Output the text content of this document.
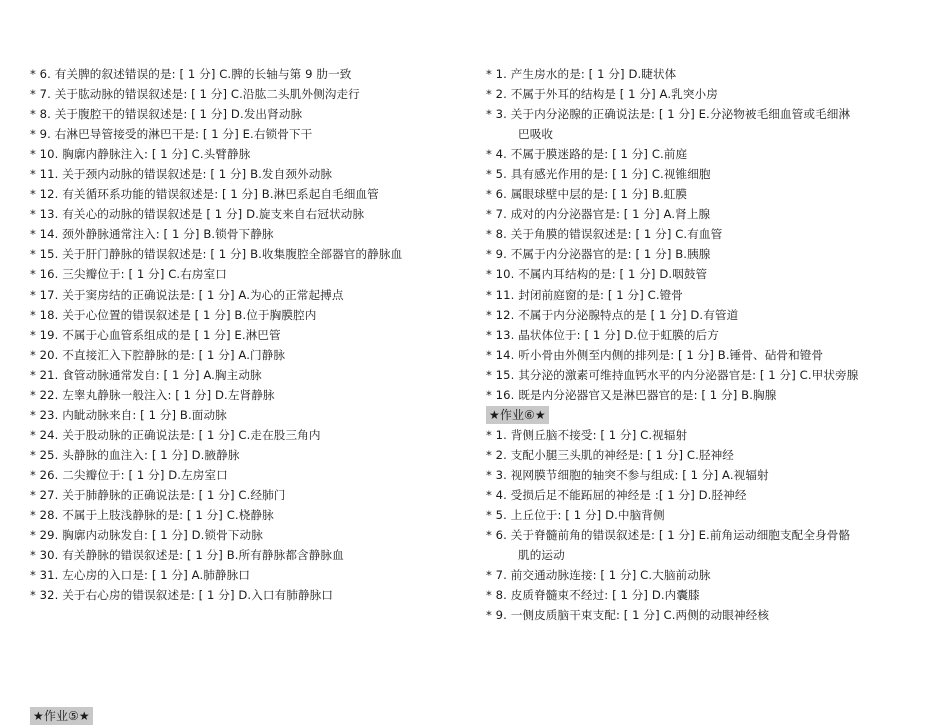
* 6. 有关脾的叙述错误的是: [ 1 分] C.脾的长轴与第 9 肋一致
* 7. 关于肱动脉的错误叙述是: [ 1 分] C.沿肱二头肌外侧沟走行
* 8. 关于腹腔干的错误叙述是: [ 1 分] D.发出肾动脉
* 9. 右淋巴导管接受的淋巴干是: [ 1 分] E.右锁骨下干
* 10. 胸廓内静脉注入: [ 1 分] C.头臂静脉
* 11. 关于颈内动脉的错误叙述是: [ 1 分] B.发自颈外动脉
* 12. 有关循环系功能的错误叙述是: [ 1 分] B.淋巴系起自毛细血管
* 13. 有关心的动脉的错误叙述是 [ 1 分] D.旋支来自右冠状动脉
* 14. 颈外静脉通常注入: [ 1 分] B.锁骨下静脉
* 15. 关于肝门静脉的错误叙述是: [ 1 分] B.收集腹腔全部器官的静脉血
* 16. 三尖瓣位于: [ 1 分] C.右房室口
* 17. 关于窦房结的正确说法是: [ 1 分] A.为心的正常起搏点
* 18. 关于心位置的错误叙述是 [ 1 分] B.位于胸膜腔内
* 19. 不属于心血管系组成的是 [ 1 分] E.淋巴管
* 20. 不直接汇入下腔静脉的是: [ 1 分] A.门静脉
* 21. 食管动脉通常发自: [ 1 分] A.胸主动脉
* 22. 左睾丸静脉一般注入: [ 1 分] D.左肾静脉
* 23. 内眦动脉来自: [ 1 分] B.面动脉
* 24. 关于股动脉的正确说法是: [ 1 分] C.走在股三角内
* 25. 头静脉的血注入: [ 1 分] D.腋静脉
* 26. 二尖瓣位于: [ 1 分] D.左房室口
* 27. 关于肺静脉的正确说法是: [ 1 分] C.经肺门
* 28. 不属于上肢浅静脉的是: [ 1 分] C.桡静脉
* 29. 胸廓内动脉发自: [ 1 分] D.锁骨下动脉
* 30. 有关静脉的错误叙述是: [ 1 分] B.所有静脉都含静脉血
* 31. 左心房的入口是: [ 1 分] A.肺静脉口
* 32. 关于右心房的错误叙述是: [ 1 分] D.入口有肺静脉口
★作业⑤★
* 1. 产生房水的是: [ 1 分] D.睫状体
* 2. 不属于外耳的结构是 [ 1 分] A.乳突小房
* 3. 关于内分泌腺的正确说法是: [ 1 分] E.分泌物被毛细血管或毛细淋
巴吸收
* 4. 不属于膜迷路的是: [ 1 分] C.前庭
* 5. 具有感光作用的是: [ 1 分] C.视锥细胞
* 6. 属眼球壁中层的是: [ 1 分] B.虹膜
* 7. 成对的内分泌器官是: [ 1 分] A.肾上腺
* 8. 关于角膜的错误叙述是: [ 1 分] C.有血管
* 9. 不属于内分泌器官的是: [ 1 分] B.胰腺
* 10. 不属内耳结构的是: [ 1 分] D.咽鼓管
* 11. 封闭前庭窗的是: [ 1 分] C.镫骨
* 12. 不属于内分泌腺特点的是 [ 1 分] D.有管道
* 13. 晶状体位于: [ 1 分] D.位于虹膜的后方
* 14. 听小骨由外侧至内侧的排列是: [ 1 分] B.锤骨、砧骨和镫骨
* 15. 其分泌的激素可维持血钙水平的内分泌器官是: [ 1 分] C.甲状旁腺
* 16. 既是内分泌器官又是淋巴器官的是: [ 1 分] B.胸腺
★作业⑥★
* 1. 背侧丘脑不接受: [ 1 分] C.视辐射
* 2. 支配小腿三头肌的神经是: [ 1 分] C.胫神经
* 3. 视网膜节细胞的轴突不参与组成: [ 1 分] A.视辐射
* 4. 受损后足不能跖屈的神经是 :[ 1 分] D.胫神经
* 5. 上丘位于: [ 1 分] D.中脑背侧
* 6. 关于脊髓前角的错误叙述是: [ 1 分] E.前角运动细胞支配全身骨骼
肌的运动
* 7. 前交通动脉连接: [ 1 分] C.大脑前动脉
* 8. 皮质脊髓束不经过: [ 1 分] D.内囊膝
* 9. 一侧皮质脑干束支配: [ 1 分] C.两侧的动眼神经核
